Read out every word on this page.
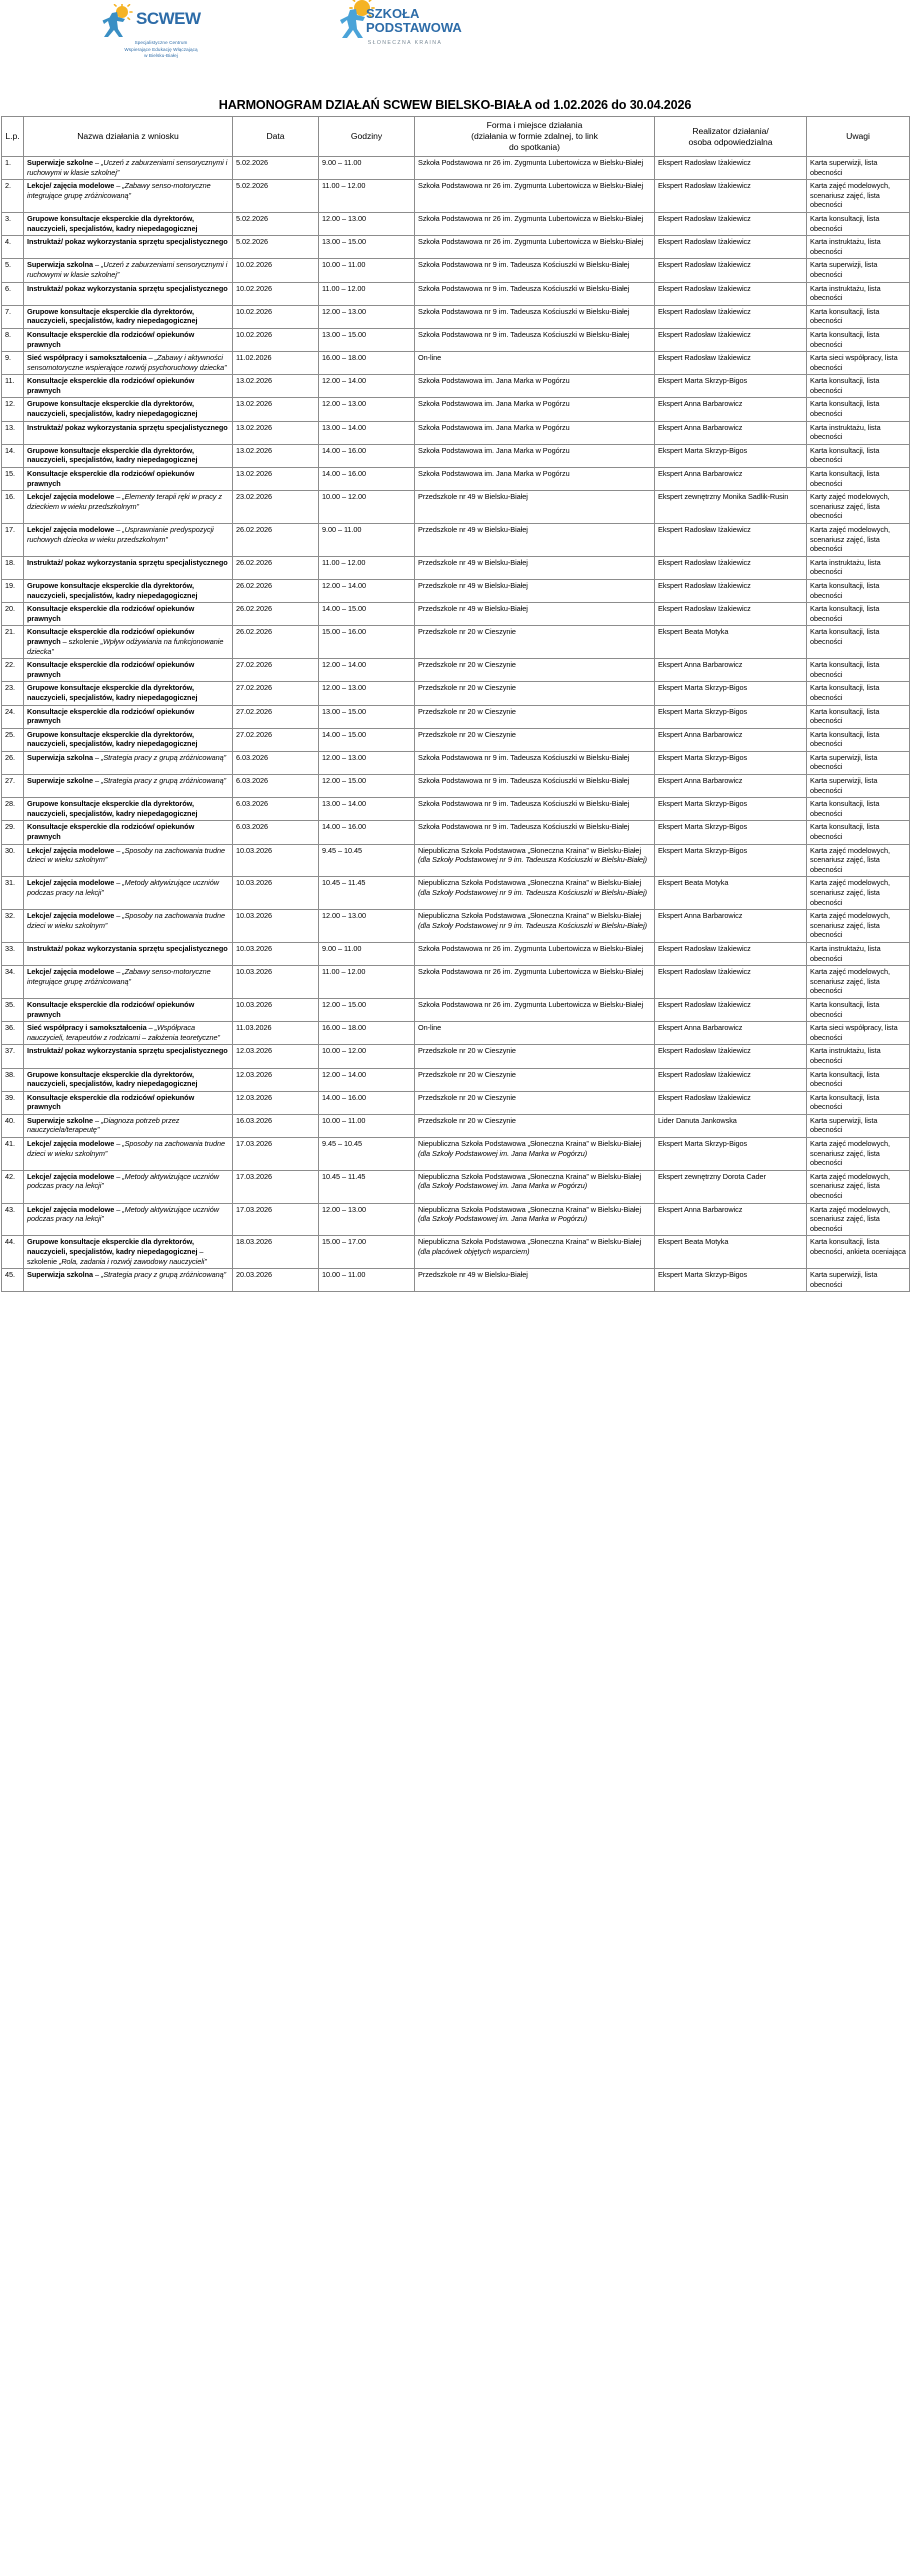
SCWEW
Specjalistyczne Centrum
Wspierające Edukację Włączającą
w Bielsku-Białej
SZKOŁA
PODSTAWOWA
SŁONECZNA KRAINA
HARMONOGRAM DZIAŁAŃ SCWEW BIELSKO-BIAŁA od 1.02.2026 do 30.04.2026
L.p.	Nazwa działania z wniosku	Data	Godziny	Forma i miejsce działania
(działania w formie zdalnej, to link
do spotkania)	Realizator działania/
osoba odpowiedzialna	Uwagi
1.	Superwizje szkolne – „Uczeń z zaburzeniami sensorycznymi i ruchowymi w klasie szkolnej”	5.02.2026	9.00 – 11.00	Szkoła Podstawowa nr 26 im. Zygmunta Lubertowicza w Bielsku-Białej	Ekspert Radosław Iżakiewicz	Karta superwizji, lista obecności
2.	Lekcje/ zajęcia modelowe – „Zabawy senso-motoryczne integrujące grupę zróżnicowaną”	5.02.2026	11.00 – 12.00	Szkoła Podstawowa nr 26 im. Zygmunta Lubertowicza w Bielsku-Białej	Ekspert Radosław Iżakiewicz	Karta zajęć modelowych, scenariusz zajęć, lista obecności
3.	Grupowe konsultacje eksperckie dla dyrektorów, nauczycieli, specjalistów, kadry niepedagogicznej	5.02.2026	12.00 – 13.00	Szkoła Podstawowa nr 26 im. Zygmunta Lubertowicza w Bielsku-Białej	Ekspert Radosław Iżakiewicz	Karta konsultacji, lista obecności
4.	Instruktaż/ pokaz wykorzystania sprzętu specjalistycznego	5.02.2026	13.00 – 15.00	Szkoła Podstawowa nr 26 im. Zygmunta Lubertowicza w Bielsku-Białej	Ekspert Radosław Iżakiewicz	Karta instruktażu, lista obecności
5.	Superwizja szkolna – „Uczeń z zaburzeniami sensorycznymi i ruchowymi w klasie szkolnej”	10.02.2026	10.00 – 11.00	Szkoła Podstawowa nr 9 im. Tadeusza Kościuszki w Bielsku-Białej	Ekspert Radosław Iżakiewicz	Karta superwizji, lista obecności
6.	Instruktaż/ pokaz wykorzystania sprzętu specjalistycznego	10.02.2026	11.00 – 12.00	Szkoła Podstawowa nr 9 im. Tadeusza Kościuszki w Bielsku-Białej	Ekspert Radosław Iżakiewicz	Karta instruktażu, lista obecności
7.	Grupowe konsultacje eksperckie dla dyrektorów, nauczycieli, specjalistów, kadry niepedagogicznej	10.02.2026	12.00 – 13.00	Szkoła Podstawowa nr 9 im. Tadeusza Kościuszki w Bielsku-Białej	Ekspert Radosław Iżakiewicz	Karta konsultacji, lista obecności
8.	Konsultacje eksperckie dla rodziców/ opiekunów prawnych	10.02.2026	13.00 – 15.00	Szkoła Podstawowa nr 9 im. Tadeusza Kościuszki w Bielsku-Białej	Ekspert Radosław Iżakiewicz	Karta konsultacji, lista obecności
9.	Sieć współpracy i samokształcenia – „Zabawy i aktywności sensomotoryczne wspierające rozwój psychoruchowy dziecka”	11.02.2026	16.00 – 18.00	On-line	Ekspert Radosław Iżakiewicz	Karta sieci współpracy, lista obecności
11.	Konsultacje eksperckie dla rodziców/ opiekunów prawnych	13.02.2026	12.00 – 14.00	Szkoła Podstawowa im. Jana Marka w Pogórzu	Ekspert Marta Skrzyp-Bigos	Karta konsultacji, lista obecności
12.	Grupowe konsultacje eksperckie dla dyrektorów, nauczycieli, specjalistów, kadry niepedagogicznej	13.02.2026	12.00 – 13.00	Szkoła Podstawowa im. Jana Marka w Pogórzu	Ekspert Anna Barbarowicz	Karta konsultacji, lista obecności
13.	Instruktaż/ pokaz wykorzystania sprzętu specjalistycznego	13.02.2026	13.00 – 14.00	Szkoła Podstawowa im. Jana Marka w Pogórzu	Ekspert Anna Barbarowicz	Karta instruktażu, lista obecności
14.	Grupowe konsultacje eksperckie dla dyrektorów, nauczycieli, specjalistów, kadry niepedagogicznej	13.02.2026	14.00 – 16.00	Szkoła Podstawowa im. Jana Marka w Pogórzu	Ekspert Marta Skrzyp-Bigos	Karta konsultacji, lista obecności
15.	Konsultacje eksperckie dla rodziców/ opiekunów prawnych	13.02.2026	14.00 – 16.00	Szkoła Podstawowa im. Jana Marka w Pogórzu	Ekspert Anna Barbarowicz	Karta konsultacji, lista obecności
16.	Lekcje/ zajęcia modelowe – „Elementy terapii ręki w pracy z dzieckiem w wieku przedszkolnym”	23.02.2026	10.00 – 12.00	Przedszkole nr 49 w Bielsku-Białej	Ekspert zewnętrzny Monika Sadlik-Rusin	Karty zajęć modelowych, scenariusz zajęć, lista obecności
17.	Lekcje/ zajęcia modelowe – „Usprawnianie predyspozycji ruchowych dziecka w wieku przedszkolnym”	26.02.2026	9.00 – 11.00	Przedszkole nr 49 w Bielsku-Białej	Ekspert Radosław Iżakiewicz	Karta zajęć modelowych, scenariusz zajęć, lista obecności
18.	Instruktaż/ pokaz wykorzystania sprzętu specjalistycznego	26.02.2026	11.00 – 12.00	Przedszkole nr 49 w Bielsku-Białej	Ekspert Radosław Iżakiewicz	Karta instruktażu, lista obecności
19.	Grupowe konsultacje eksperckie dla dyrektorów, nauczycieli, specjalistów, kadry niepedagogicznej	26.02.2026	12.00 – 14.00	Przedszkole nr 49 w Bielsku-Białej	Ekspert Radosław Iżakiewicz	Karta konsultacji, lista obecności
20.	Konsultacje eksperckie dla rodziców/ opiekunów prawnych	26.02.2026	14.00 – 15.00	Przedszkole nr 49 w Bielsku-Białej	Ekspert Radosław Iżakiewicz	Karta konsultacji, lista obecności
21.	Konsultacje eksperckie dla rodziców/ opiekunów prawnych – szkolenie „Wpływ odżywiania na funkcjonowanie dziecka”	26.02.2026	15.00 – 16.00	Przedszkole nr 20 w Cieszynie	Ekspert Beata Motyka	Karta konsultacji, lista obecności
22.	Konsultacje eksperckie dla rodziców/ opiekunów prawnych	27.02.2026	12.00 – 14.00	Przedszkole nr 20 w Cieszynie	Ekspert Anna Barbarowicz	Karta konsultacji, lista obecności
23.	Grupowe konsultacje eksperckie dla dyrektorów, nauczycieli, specjalistów, kadry niepedagogicznej	27.02.2026	12.00 – 13.00	Przedszkole nr 20 w Cieszynie	Ekspert Marta Skrzyp-Bigos	Karta konsultacji, lista obecności
24.	Konsultacje eksperckie dla rodziców/ opiekunów prawnych	27.02.2026	13.00 – 15.00	Przedszkole nr 20 w Cieszynie	Ekspert Marta Skrzyp-Bigos	Karta konsultacji, lista obecności
25.	Grupowe konsultacje eksperckie dla dyrektorów, nauczycieli, specjalistów, kadry niepedagogicznej	27.02.2026	14.00 – 15.00	Przedszkole nr 20 w Cieszynie	Ekspert Anna Barbarowicz	Karta konsultacji, lista obecności
26.	Superwizja szkolna – „Strategia pracy z grupą zróżnicowaną”	6.03.2026	12.00 – 13.00	Szkoła Podstawowa nr 9 im. Tadeusza Kościuszki w Bielsku-Białej	Ekspert Marta Skrzyp-Bigos	Karta superwizji, lista obecności
27.	Superwizje szkolne – „Strategia pracy z grupą zróżnicowaną”	6.03.2026	12.00 – 15.00	Szkoła Podstawowa nr 9 im. Tadeusza Kościuszki w Bielsku-Białej	Ekspert Anna Barbarowicz	Karta superwizji, lista obecności
28.	Grupowe konsultacje eksperckie dla dyrektorów, nauczycieli, specjalistów, kadry niepedagogicznej	6.03.2026	13.00 – 14.00	Szkoła Podstawowa nr 9 im. Tadeusza Kościuszki w Bielsku-Białej	Ekspert Marta Skrzyp-Bigos	Karta konsultacji, lista obecności
29.	Konsultacje eksperckie dla rodziców/ opiekunów prawnych	6.03.2026	14.00 – 16.00	Szkoła Podstawowa nr 9 im. Tadeusza Kościuszki w Bielsku-Białej	Ekspert Marta Skrzyp-Bigos	Karta konsultacji, lista obecności
30.	Lekcje/ zajęcia modelowe – „Sposoby na zachowania trudne dzieci w wieku szkolnym”	10.03.2026	9.45 – 10.45	Niepubliczna Szkoła Podstawowa „Słoneczna Kraina” w Bielsku-Białej (dla Szkoły Podstawowej nr 9 im. Tadeusza Kościuszki w Bielsku-Białej)	Ekspert Marta Skrzyp-Bigos	Karta zajęć modelowych, scenariusz zajęć, lista obecności
31.	Lekcje/ zajęcia modelowe – „Metody aktywizujące uczniów podczas pracy na lekcji”	10.03.2026	10.45 – 11.45	Niepubliczna Szkoła Podstawowa „Słoneczna Kraina” w Bielsku-Białej (dla Szkoły Podstawowej nr 9 im. Tadeusza Kościuszki w Bielsku-Białej)	Ekspert Beata Motyka	Karta zajęć modelowych, scenariusz zajęć, lista obecności
32.	Lekcje/ zajęcia modelowe – „Sposoby na zachowania trudne dzieci w wieku szkolnym”	10.03.2026	12.00 – 13.00	Niepubliczna Szkoła Podstawowa „Słoneczna Kraina” w Bielsku-Białej (dla Szkoły Podstawowej nr 9 im. Tadeusza Kościuszki w Bielsku-Białej)	Ekspert Anna Barbarowicz	Karta zajęć modelowych, scenariusz zajęć, lista obecności
33.	Instruktaż/ pokaz wykorzystania sprzętu specjalistycznego	10.03.2026	9.00 – 11.00	Szkoła Podstawowa nr 26 im. Zygmunta Lubertowicza w Bielsku-Białej	Ekspert Radosław Iżakiewicz	Karta instruktażu, lista obecności
34.	Lekcje/ zajęcia modelowe – „Zabawy senso-motoryczne integrujące grupę zróżnicowaną”	10.03.2026	11.00 – 12.00	Szkoła Podstawowa nr 26 im. Zygmunta Lubertowicza w Bielsku-Białej	Ekspert Radosław Iżakiewicz	Karta zajęć modelowych, scenariusz zajęć, lista obecności
35.	Konsultacje eksperckie dla rodziców/ opiekunów prawnych	10.03.2026	12.00 – 15.00	Szkoła Podstawowa nr 26 im. Zygmunta Lubertowicza w Bielsku-Białej	Ekspert Radosław Iżakiewicz	Karta konsultacji, lista obecności
36.	Sieć współpracy i samokształcenia – „Współpraca nauczycieli, terapeutów z rodzicami – założenia teoretyczne”	11.03.2026	16.00 – 18.00	On-line	Ekspert Anna Barbarowicz	Karta sieci współpracy, lista obecności
37.	Instruktaż/ pokaz wykorzystania sprzętu specjalistycznego	12.03.2026	10.00 – 12.00	Przedszkole nr 20 w Cieszynie	Ekspert Radosław Iżakiewicz	Karta instruktażu, lista obecności
38.	Grupowe konsultacje eksperckie dla dyrektorów, nauczycieli, specjalistów, kadry niepedagogicznej	12.03.2026	12.00 – 14.00	Przedszkole nr 20 w Cieszynie	Ekspert Radosław Iżakiewicz	Karta konsultacji, lista obecności
39.	Konsultacje eksperckie dla rodziców/ opiekunów prawnych	12.03.2026	14.00 – 16.00	Przedszkole nr 20 w Cieszynie	Ekspert Radosław Iżakiewicz	Karta konsultacji, lista obecności
40.	Superwizje szkolne – „Diagnoza potrzeb przez nauczyciela/terapeutę”	16.03.2026	10.00 – 11.00	Przedszkole nr 20 w Cieszynie	Lider Danuta Jankowska	Karta superwizji, lista obecności
41.	Lekcje/ zajęcia modelowe – „Sposoby na zachowania trudne dzieci w wieku szkolnym”	17.03.2026	9.45 – 10.45	Niepubliczna Szkoła Podstawowa „Słoneczna Kraina” w Bielsku-Białej (dla Szkoły Podstawowej im. Jana Marka w Pogórzu)	Ekspert Marta Skrzyp-Bigos	Karta zajęć modelowych, scenariusz zajęć, lista obecności
42.	Lekcje/ zajęcia modelowe – „Metody aktywizujące uczniów podczas pracy na lekcji”	17.03.2026	10.45 – 11.45	Niepubliczna Szkoła Podstawowa „Słoneczna Kraina” w Bielsku-Białej (dla Szkoły Podstawowej im. Jana Marka w Pogórzu)	Ekspert zewnętrzny Dorota Cader	Karta zajęć modelowych, scenariusz zajęć, lista obecności
43.	Lekcje/ zajęcia modelowe – „Metody aktywizujące uczniów podczas pracy na lekcji”	17.03.2026	12.00 – 13.00	Niepubliczna Szkoła Podstawowa „Słoneczna Kraina” w Bielsku-Białej (dla Szkoły Podstawowej im. Jana Marka w Pogórzu)	Ekspert Anna Barbarowicz	Karta zajęć modelowych, scenariusz zajęć, lista obecności
44.	Grupowe konsultacje eksperckie dla dyrektorów, nauczycieli, specjalistów, kadry niepedagogicznej – szkolenie „Rola, zadania i rozwój zawodowy nauczycieli”	18.03.2026	15.00 – 17.00	Niepubliczna Szkoła Podstawowa „Słoneczna Kraina” w Bielsku-Białej (dla placówek objętych wsparciem)	Ekspert Beata Motyka	Karta konsultacji, lista obecności, ankieta oceniająca
45.	Superwizja szkolna – „Strategia pracy z grupą zróżnicowaną”	20.03.2026	10.00 – 11.00	Przedszkole nr 49 w Bielsku-Białej	Ekspert Marta Skrzyp-Bigos	Karta superwizji, lista obecności
